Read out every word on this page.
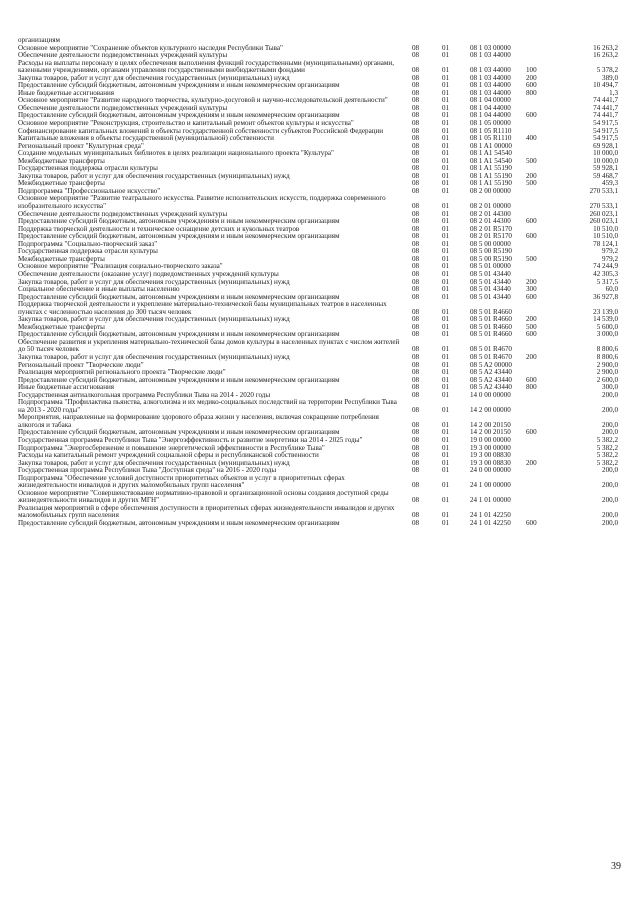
организациям
Основное мероприятие "Сохранение объектов культурного наследия Республики Тыва"	08	01	08 1 03 00000	16 263,2
Обеспечение деятельности подведомственных учреждений культуры	08	01	08 1 03 44000	16 263,2
Расходы на выплаты персоналу в целях обеспечения выполнения функций государственными (муниципальными) органами, казенными учреждениями, органами управления государственными внебюджетными фондами	08	01	08 1 03 44000	100	5 378,2
Закупка товаров, работ и услуг для обеспечения государственных (муниципальных) нужд	08	01	08 1 03 44000	200	389,0
Предоставление субсидий бюджетным, автономным учреждениям и иным некоммерческим организациям	08	01	08 1 03 44000	600	10 494,7
Иные бюджетные ассигнования	08	01	08 1 03 44000	800	1,3
Основное мероприятие "Развитие народного творчества, культурно-досуговой и научно-исследовательской деятельности"	08	01	08 1 04 00000	74 441,7
Обеспечение деятельности подведомственных учреждений культуры	08	01	08 1 04 44000	74 441,7
Предоставление субсидий бюджетным, автономным учреждениям и иным некоммерческим организациям	08	01	08 1 04 44000	600	74 441,7
Основное мероприятие "Реконструкция, строительство и капитальный ремонт объектов культуры и искусства"	08	01	08 1 05 00000	54 917,5
Софинансирование капитальных вложений в объекты государственной собственности субъектов Российской Федерации	08	01	08 1 05 R1110	54 917,5
Капитальные вложения в объекты государственной (муниципальной) собственности	08	01	08 1 05 R1110	400	54 917,5
Региональный проект "Культурная среда"	08	01	08 1 A1 00000	69 928,1
Создание модельных муниципальных библиотек в целях реализации национального проекта "Культура"	08	01	08 1 A1 54540	10 000,0
Межбюджетные трансферты	08	01	08 1 A1 54540	500	10 000,0
Государственная поддержка отрасли культуры	08	01	08 1 A1 55190	59 928,1
Закупка товаров, работ и услуг для обеспечения государственных (муниципальных) нужд	08	01	08 1 A1 55190	200	59 468,7
Межбюджетные трансферты	08	01	08 1 A1 55190	500	459,3
Подпрограмма "Профессиональное искусство"	08	01	08 2 00 00000	270 533,1
Основное мероприятие "Развитие театрального искусства. Развитие исполнительских искусств, поддержка современного изобразительного искусства"	08	01	08 2 01 00000	270 533,1
Обеспечение деятельности подведомственных учреждений культуры	08	01	08 2 01 44300	260 023,1
Предоставление субсидий бюджетным, автономным учреждениям и иным некоммерческим организациям	08	01	08 2 01 44300	600	260 023,1
Поддержка творческой деятельности и техническое оснащение детских и кукольных театров	08	01	08 2 01 R5170	10 510,0
Предоставление субсидий бюджетным, автономным учреждениям и иным некоммерческим организациям	08	01	08 2 01 R5170	600	10 510,0
Подпрограмма "Социально-творческий заказ"	08	01	08 5 00 00000	78 124,1
Государственная поддержка отрасли культуры	08	01	08 5 00 R5190	979,2
Межбюджетные трансферты	08	01	08 5 00 R5190	500	979,2
Основное мероприятие "Реализация социально-творческого заказа"	08	01	08 5 01 00000	74 244,9
Обеспечение деятельности (оказание услуг) подведомственных учреждений культуры	08	01	08 5 01 43440	42 305,3
Закупка товаров, работ и услуг для обеспечения государственных (муниципальных) нужд	08	01	08 5 01 43440	200	5 317,5
Социальное обеспечение и иные выплаты населению	08	01	08 5 01 43440	300	60,0
Предоставление субсидий бюджетным, автономным учреждениям и иным некоммерческим организациям	08	01	08 5 01 43440	600	36 927,8
Поддержка творческой деятельности и укрепление материально-технической базы муниципальных театров в населенных пунктах с численностью населения до 300 тысяч человек	08	01	08 5 01 R4660	23 139,0
Закупка товаров, работ и услуг для обеспечения государственных (муниципальных) нужд	08	01	08 5 01 R4660	200	14 539,0
Межбюджетные трансферты	08	01	08 5 01 R4660	500	5 600,0
Предоставление субсидий бюджетным, автономным учреждениям и иным некоммерческим организациям	08	01	08 5 01 R4660	600	3 000,0
Обеспечение развития и укрепления материально-технической базы домов культуры в населенных пунктах с числом жителей до 50 тысяч человек	08	01	08 5 01 R4670	8 800,6
Закупка товаров, работ и услуг для обеспечения государственных (муниципальных) нужд	08	01	08 5 01 R4670	200	8 800,6
Региональный проект "Творческие люди"	08	01	08 5 A2 00000	2 900,0
Реализация мероприятий регионального проекта "Творческие люди"	08	01	08 5 A2 43440	2 900,0
Предоставление субсидий бюджетным, автономным учреждениям и иным некоммерческим организациям	08	01	08 5 A2 43440	600	2 600,0
Иные бюджетные ассигнования	08	01	08 5 A2 43440	800	300,0
Государственная антиалкогольная программа Республики Тыва на 2014 - 2020 годы	08	01	14 0 00 00000	200,0
Подпрограмма "Профилактика пьянства, алкоголизма и их медико-социальных последствий на территории Республики Тыва на 2013 - 2020 годы"	08	01	14 2 00 00000	200,0
Мероприятия, направленные на формирование здорового образа жизни у населения, включая сокращение потребления алкоголя и табака	08	01	14 2 00 20150	200,0
Предоставление субсидий бюджетным, автономным учреждениям и иным некоммерческим организациям	08	01	14 2 00 20150	600	200,0
Государственная программа Республики Тыва "Энергоэффективность и развитие энергетики на 2014 - 2025 годы"	08	01	19 0 00 00000	5 382,2
Подпрограмма "Энергосбережение и повышение энергетической эффективности в Республике Тыва"	08	01	19 3 00 00000	5 382,2
Расходы на капитальный ремонт учреждений социальной сферы и республиканской собственности	08	01	19 3 00 08830	5 382,2
Закупка товаров, работ и услуг для обеспечения государственных (муниципальных) нужд	08	01	19 3 00 08830	200	5 382,2
Государственная программа Республики Тыва "Доступная среда" на 2016 - 2020 годы	08	01	24 0 00 00000	200,0
Подпрограмма "Обеспечение условий доступности приоритетных объектов и услуг в приоритетных сферах жизнедеятельности инвалидов и других маломобильных групп населения"	08	01	24 1 00 00000	200,0
Основное мероприятие "Совершенствование нормативно-правовой и организационной основы создания доступной среды жизнедеятельности инвалидов и других МГН"	08	01	24 1 01 00000	200,0
Реализация мероприятий в сфере обеспечения доступности в приоритетных сферах жизнедеятельности инвалидов и других маломобильных групп населения	08	01	24 1 01 42250	200,0
Предоставление субсидий бюджетным, автономным учреждениям и иным некоммерческим организациям	08	01	24 1 01 42250	600	200,0
39
